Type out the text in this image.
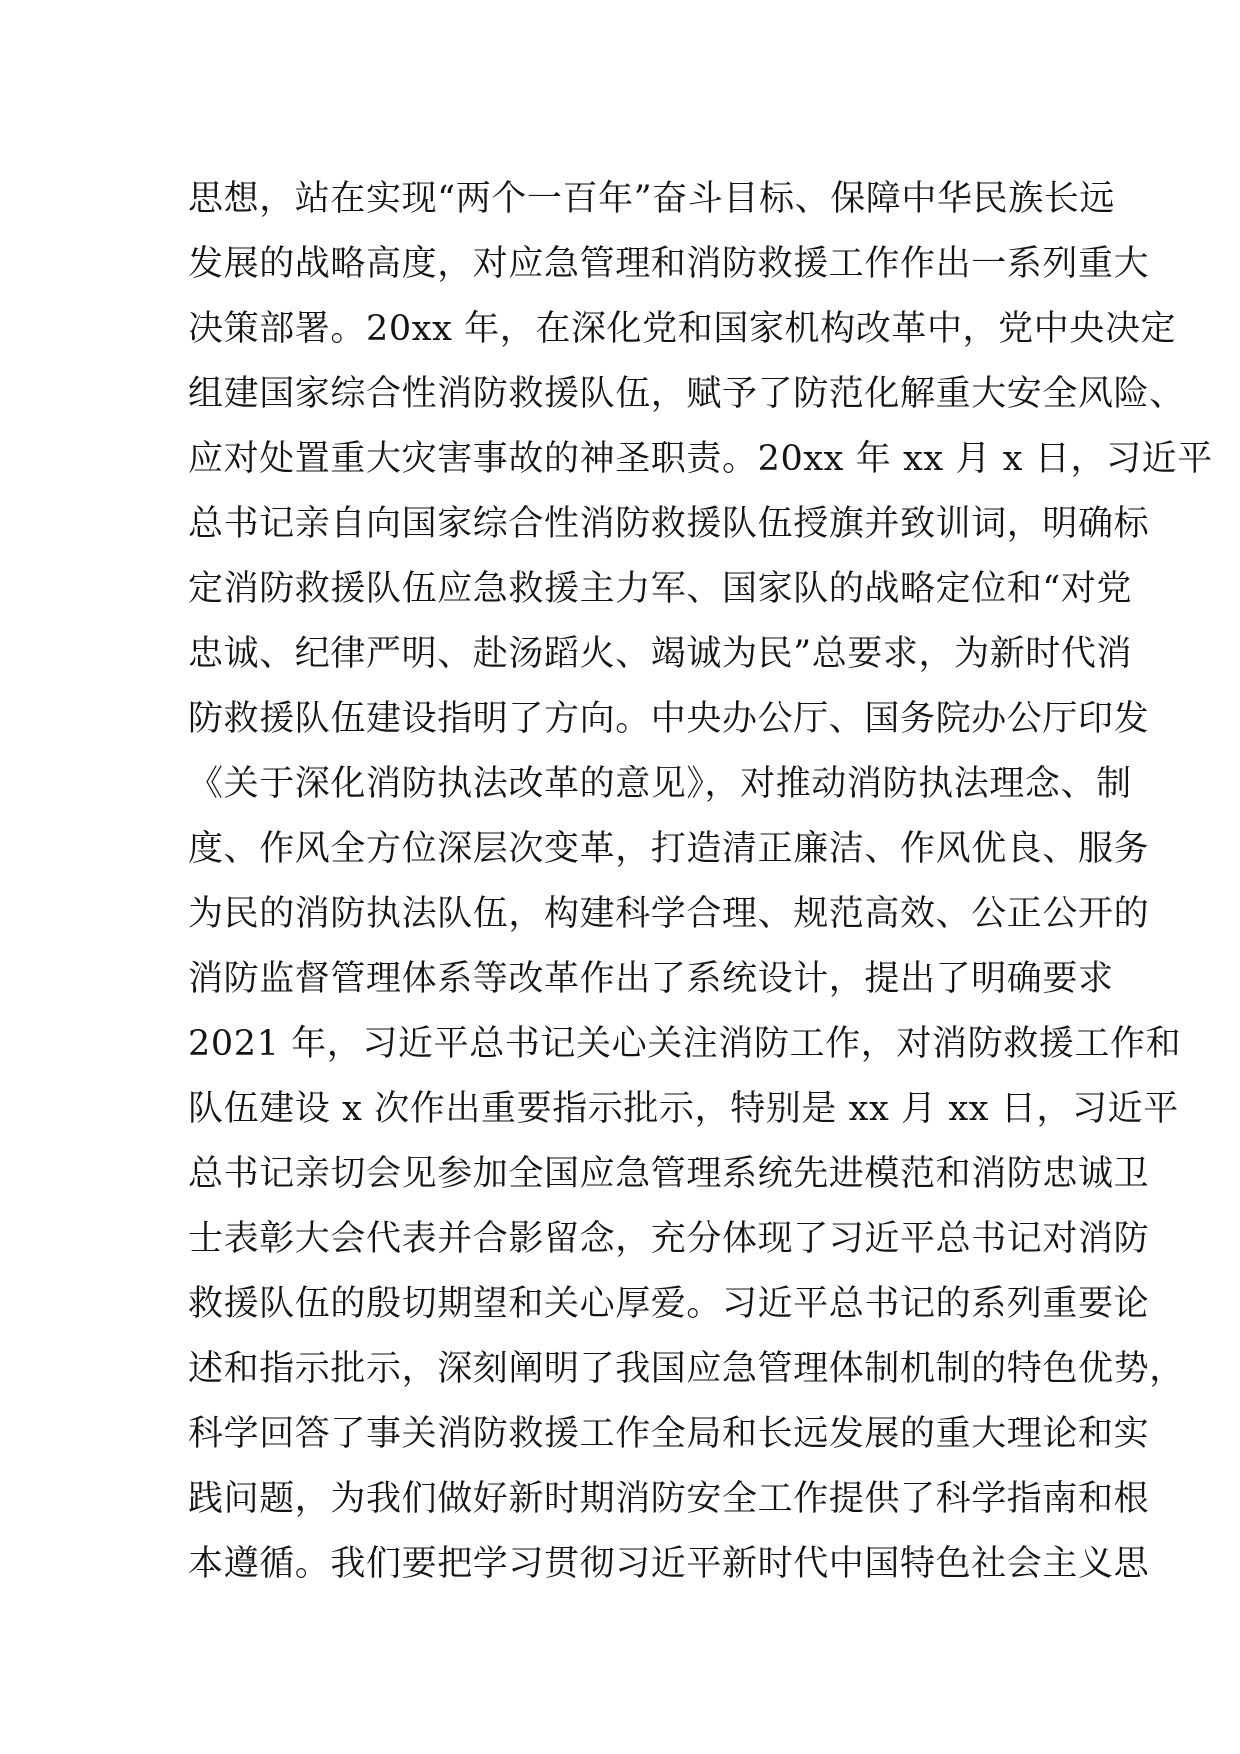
思想，站在实现“两个一百年”奋斗目标、保障中华民族长远
发展的战略高度，对应急管理和消防救援工作作出一系列重大
决策部署。20xx 年，在深化党和国家机构改革中，党中央决定
组建国家综合性消防救援队伍，赋予了防范化解重大安全风险、
应对处置重大灾害事故的神圣职责。20xx 年 xx 月 x 日，习近平
总书记亲自向国家综合性消防救援队伍授旗并致训词，明确标
定消防救援队伍应急救援主力军、国家队的战略定位和“对党
忠诚、纪律严明、赴汤蹈火、竭诚为民”总要求，为新时代消
防救援队伍建设指明了方向。中央办公厅、国务院办公厅印发
《关于深化消防执法改革的意见》，对推动消防执法理念、制
度、作风全方位深层次变革，打造清正廉洁、作风优良、服务
为民的消防执法队伍，构建科学合理、规范高效、公正公开的
消防监督管理体系等改革作出了系统设计，提出了明确要求
2021 年，习近平总书记关心关注消防工作，对消防救援工作和
队伍建设 x 次作出重要指示批示，特别是 xx 月 xx 日，习近平
总书记亲切会见参加全国应急管理系统先进模范和消防忠诚卫
士表彰大会代表并合影留念，充分体现了习近平总书记对消防
救援队伍的殷切期望和关心厚爱。习近平总书记的系列重要论
述和指示批示，深刻阐明了我国应急管理体制机制的特色优势，
科学回答了事关消防救援工作全局和长远发展的重大理论和实
践问题，为我们做好新时期消防安全工作提供了科学指南和根
本遵循。我们要把学习贯彻习近平新时代中国特色社会主义思
